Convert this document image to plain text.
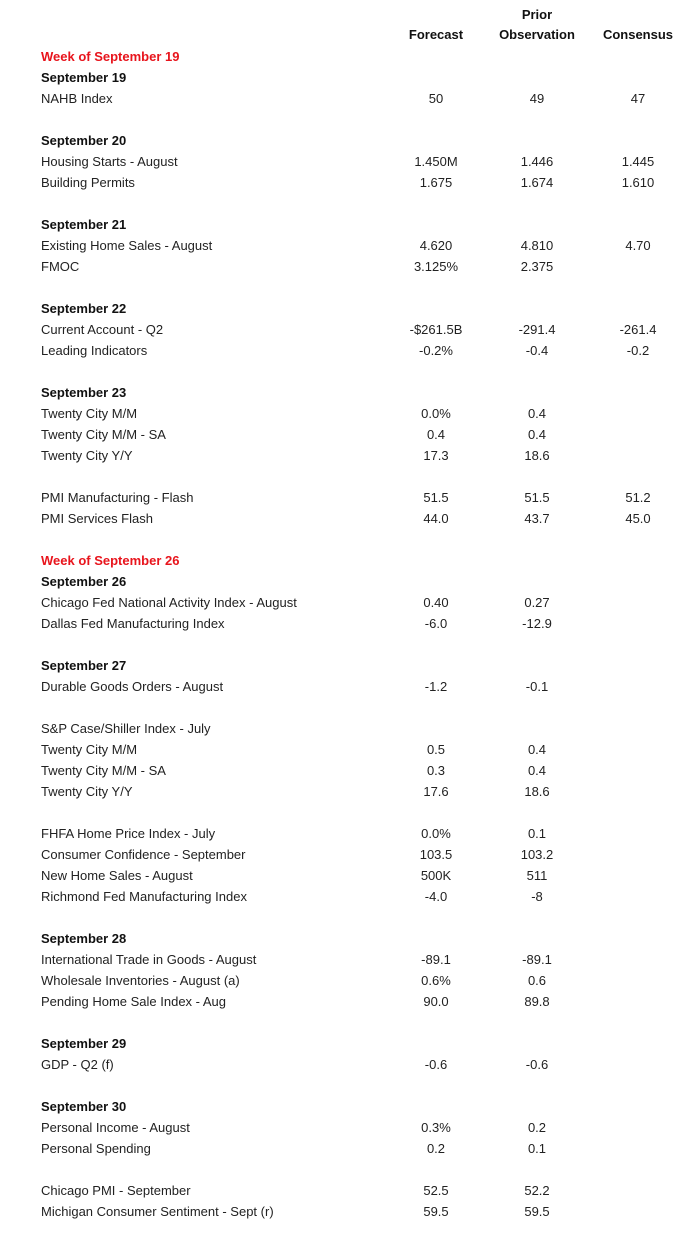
Prior
Forecast	Observation	Consensus
Week of September 19
September 19
NAHB Index	50	49	47
September 20
Housing Starts - August	1.450M	1.446	1.445
Building Permits	1.675	1.674	1.610
September 21
Existing Home Sales - August	4.620	4.810	4.70
FMOC	3.125%	2.375
September 22
Current Account - Q2	-$261.5B	-291.4	-261.4
Leading Indicators	-0.2%	-0.4	-0.2
September 23
Twenty City M/M	0.0%	0.4
Twenty City M/M - SA	0.4	0.4
Twenty City Y/Y	17.3	18.6
PMI Manufacturing - Flash	51.5	51.5	51.2
PMI Services Flash	44.0	43.7	45.0
Week of September 26
September 26
Chicago Fed National Activity Index - August	0.40	0.27
Dallas Fed Manufacturing Index	-6.0	-12.9
September 27
Durable Goods Orders - August	-1.2	-0.1
S&P Case/Shiller Index - July
Twenty City M/M	0.5	0.4
Twenty City M/M - SA	0.3	0.4
Twenty City Y/Y	17.6	18.6
FHFA Home Price Index - July	0.0%	0.1
Consumer Confidence - September	103.5	103.2
New Home Sales - August	500K	511
Richmond Fed Manufacturing Index	-4.0	-8
September 28
International Trade in Goods - August	-89.1	-89.1
Wholesale Inventories - August (a)	0.6%	0.6
Pending Home Sale Index - Aug	90.0	89.8
September 29
GDP - Q2 (f)	-0.6	-0.6
September 30
Personal Income - August	0.3%	0.2
Personal Spending	0.2	0.1
Chicago PMI - September	52.5	52.2
Michigan Consumer Sentiment - Sept (r)	59.5	59.5
